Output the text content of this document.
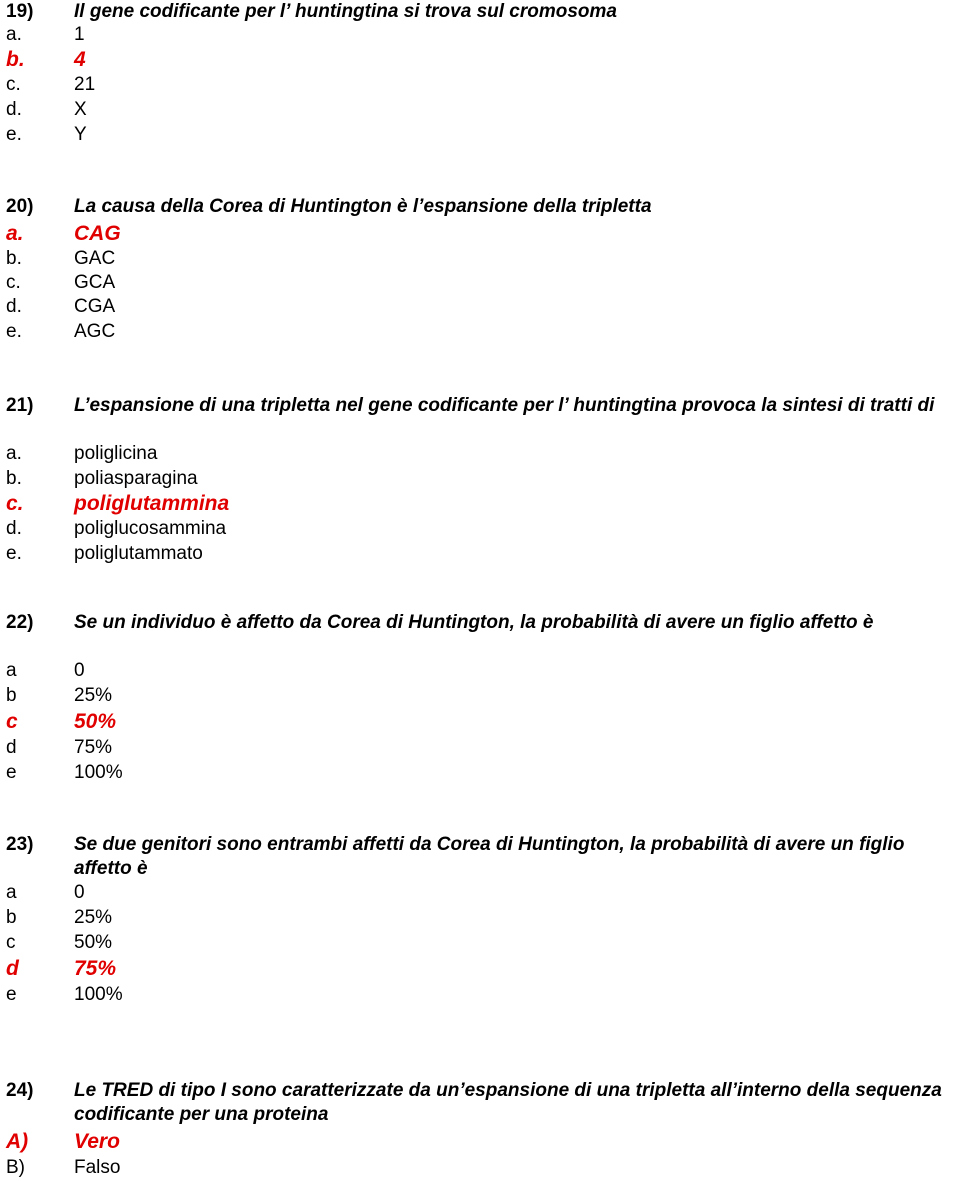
19) Il gene codificante per l’ huntingtina si trova sul cromosoma
a.	1
b. 4
c.	21
d.	X
e.	Y
20) La causa della Corea di Huntington è l’espansione della tripletta
a. CAG
b.	GAC
c.	GCA
d.	CGA
e.	AGC
21) L’espansione di una tripletta nel gene codificante per l’ huntingtina provoca la sintesi di tratti di
a.	poliglicina
b.	poliasparagina
c. poliglutammina
d.	poliglucosammina
e.	poliglutammato
22) Se un individuo è affetto da Corea di Huntington, la probabilità di avere un figlio affetto è
a	0
b	25%
c	50%
d	75%
e	100%
23) Se due genitori sono entrambi affetti da Corea di Huntington, la probabilità di avere un figlio affetto è
a	0
b	25%
c	50%
d	75%
e	100%
24) Le TRED di tipo I sono caratterizzate da un’espansione di una tripletta all’interno della sequenza codificante per una proteina
A) Vero
B)	Falso
